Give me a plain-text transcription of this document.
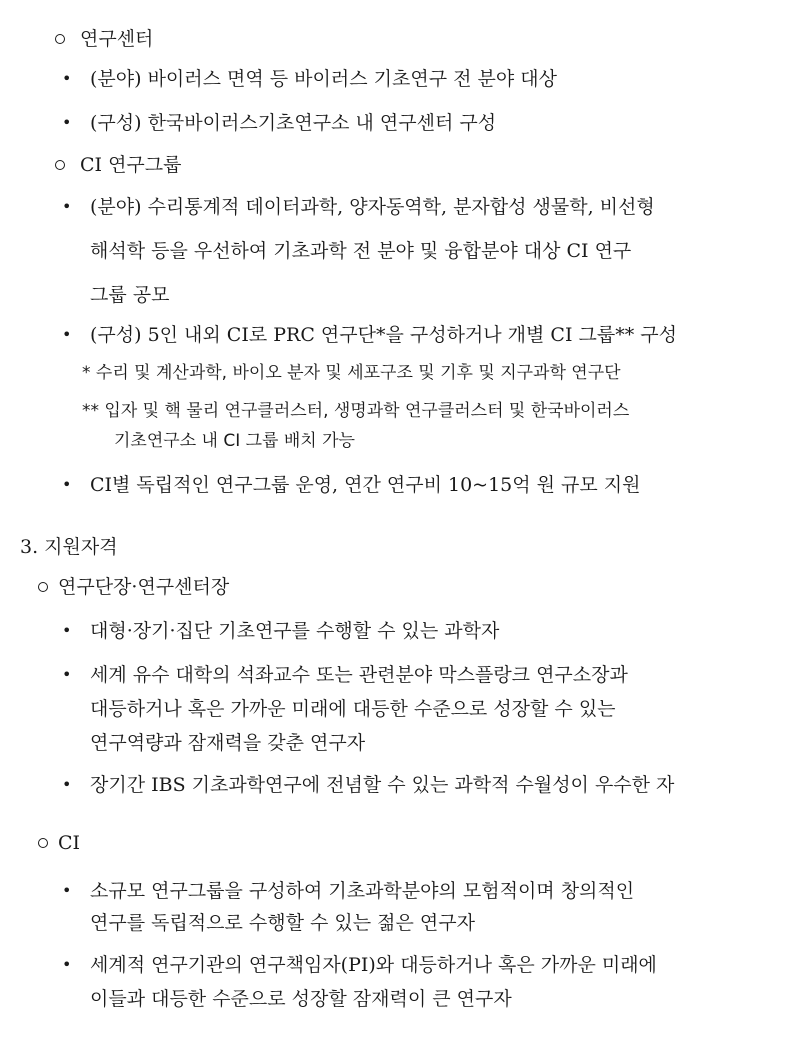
연구센터
• (분야) 바이러스 면역 등 바이러스 기초연구 전 분야 대상
• (구성) 한국바이러스기초연구소 내 연구센터 구성
CI 연구그룹
• (분야) 수리통계적 데이터과학, 양자동역학, 분자합성 생물학, 비선형
해석학 등을 우선하여 기초과학 전 분야 및 융합분야 대상 CI 연구
그룹 공모
• (구성) 5인 내외 CI로 PRC 연구단*을 구성하거나 개별 CI 그룹** 구성
* 수리 및 계산과학, 바이오 분자 및 세포구조 및 기후 및 지구과학 연구단
** 입자 및 핵 물리 연구클러스터, 생명과학 연구클러스터 및 한국바이러스
기초연구소 내 CI 그룹 배치 가능
• CI별 독립적인 연구그룹 운영, 연간 연구비 10~15억 원 규모 지원
3. 지원자격
연구단장·연구센터장
• 대형·장기·집단 기초연구를 수행할 수 있는 과학자
• 세계 유수 대학의 석좌교수 또는 관련분야 막스플랑크 연구소장과
대등하거나 혹은 가까운 미래에 대등한 수준으로 성장할 수 있는
연구역량과 잠재력을 갖춘 연구자
• 장기간 IBS 기초과학연구에 전념할 수 있는 과학적 수월성이 우수한 자
CI
• 소규모 연구그룹을 구성하여 기초과학분야의 모험적이며 창의적인
연구를 독립적으로 수행할 수 있는 젊은 연구자
• 세계적 연구기관의 연구책임자(PI)와 대등하거나 혹은 가까운 미래에
이들과 대등한 수준으로 성장할 잠재력이 큰 연구자
